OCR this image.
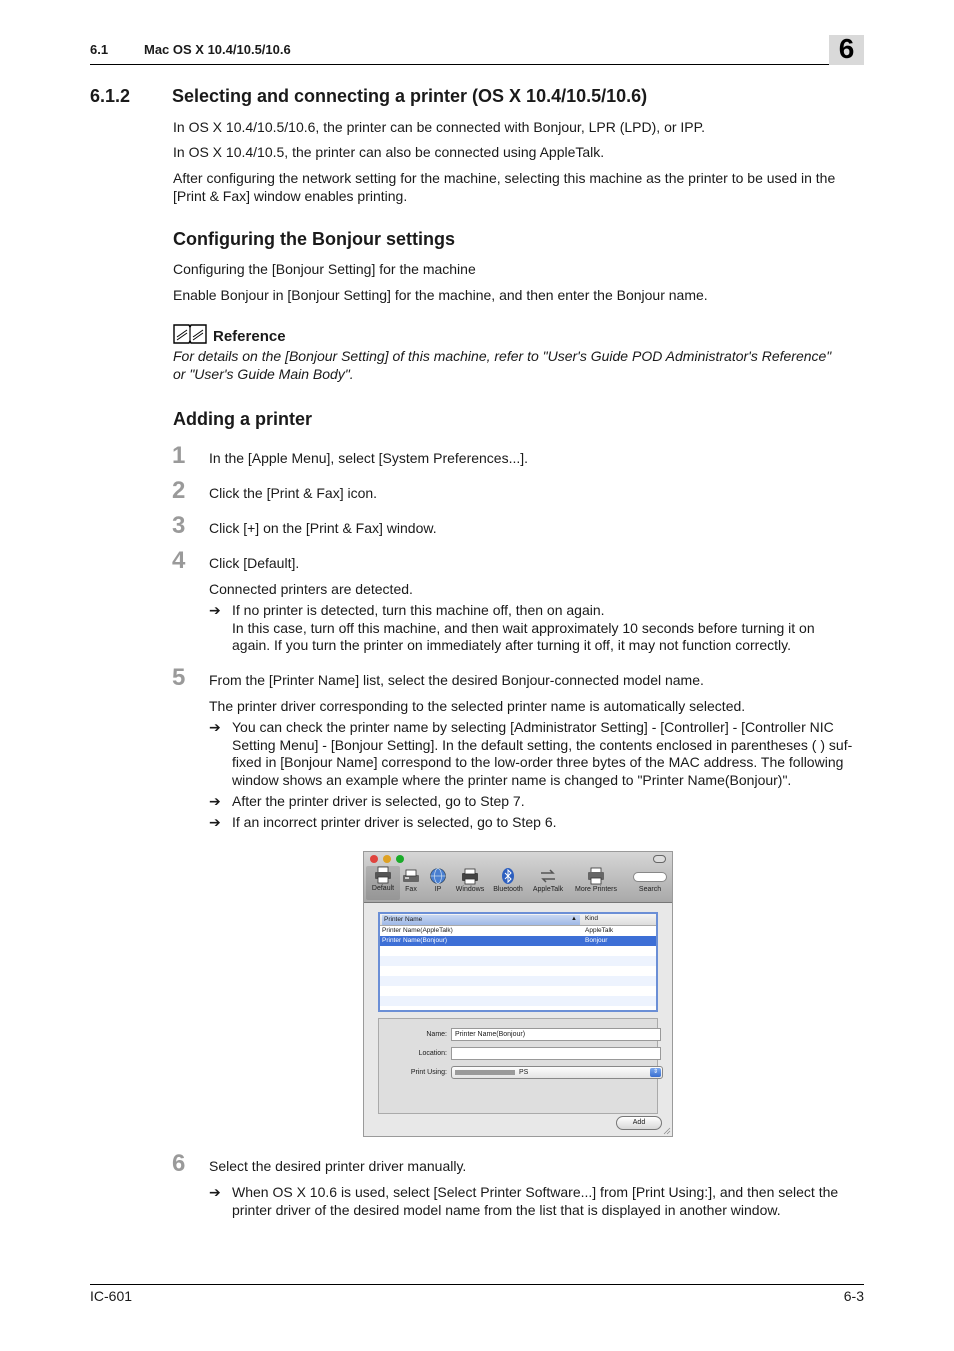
6.1	Mac OS X 10.4/10.5/10.6	6
6.1.2 Selecting and connecting a printer (OS X 10.4/10.5/10.6)
In OS X 10.4/10.5/10.6, the printer can be connected with Bonjour, LPR (LPD), or IPP.
In OS X 10.4/10.5, the printer can also be connected using AppleTalk.
After configuring the network setting for the machine, selecting this machine as the printer to be used in the
[Print & Fax] window enables printing.
Configuring the Bonjour settings
Configuring the [Bonjour Setting] for the machine
Enable Bonjour in [Bonjour Setting] for the machine, and then enter the Bonjour name.
Reference
For details on the [Bonjour Setting] of this machine, refer to "User's Guide POD Administrator's Reference"
or "User's Guide Main Body".
Adding a printer
1 In the [Apple Menu], select [System Preferences...].
2 Click the [Print & Fax] icon.
3 Click [+] on the [Print & Fax] window.
4 Click [Default].
Connected printers are detected.
➔ If no printer is detected, turn this machine off, then on again.
In this case, turn off this machine, and then wait approximately 10 seconds before turning it on
again. If you turn the printer on immediately after turning it off, it may not function correctly.
5 From the [Printer Name] list, select the desired Bonjour-connected model name.
The printer driver corresponding to the selected printer name is automatically selected.
➔ You can check the printer name by selecting [Administrator Setting] - [Controller] - [Controller NIC
Setting Menu] - [Bonjour Setting]. In the default setting, the contents enclosed in parentheses ( ) suf-
fixed in [Bonjour Name] correspond to the low-order three bytes of the MAC address. The following
window shows an example where the printer name is changed to "Printer Name(Bonjour)".
➔ After the printer driver is selected, go to Step 7.
➔ If an incorrect printer driver is selected, go to Step 6.
Default	Fax	IP	Windows	Bluetooth	AppleTalk	More Printers	Search
Printer Name	▲ Kind
Printer Name(AppleTalk)	AppleTalk
Printer Name(Bonjour)	Bonjour
Name:	Printer Name(Bonjour)
Location:
Print Using:	PS	⇕
Add
6 Select the desired printer driver manually.
➔ When OS X 10.6 is used, select [Select Printer Software...] from [Print Using:], and then select the
printer driver of the desired model name from the list that is displayed in another window.
IC-601	6-3
